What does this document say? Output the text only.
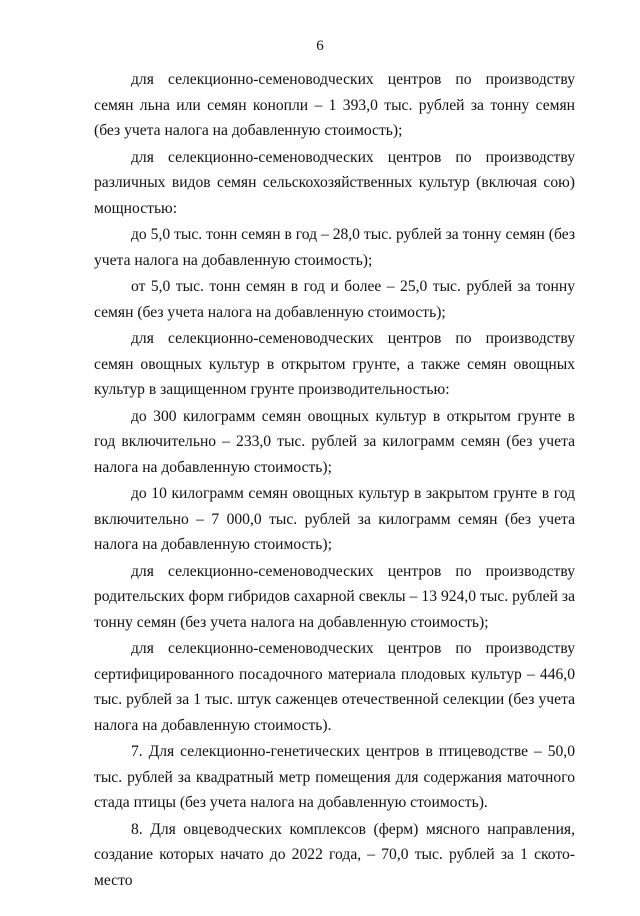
6

для селекционно-семеноводческих центров по производству семян льна или семян конопли – 1 393,0 тыс. рублей за тонну семян (без учета налога на добавленную стоимость);

для селекционно-семеноводческих центров по производству различных видов семян сельскохозяйственных культур (включая сою) мощностью:

до 5,0 тыс. тонн семян в год – 28,0 тыс. рублей за тонну семян (без учета налога на добавленную стоимость);

от 5,0 тыс. тонн семян в год и более – 25,0 тыс. рублей за тонну семян (без учета налога на добавленную стоимость);

для селекционно-семеноводческих центров по производству семян овощных культур в открытом грунте, а также семян овощных культур в защищенном грунте производительностью:

до 300 килограмм семян овощных культур в открытом грунте в год включительно – 233,0 тыс. рублей за килограмм семян (без учета налога на добавленную стоимость);

до 10 килограмм семян овощных культур в закрытом грунте в год включительно – 7 000,0 тыс. рублей за килограмм семян (без учета налога на добавленную стоимость);

для селекционно-семеноводческих центров по производству родительских форм гибридов сахарной свеклы – 13 924,0 тыс. рублей за тонну семян (без учета налога на добавленную стоимость);

для селекционно-семеноводческих центров по производству сертифицированного посадочного материала плодовых культур – 446,0 тыс. рублей за 1 тыс. штук саженцев отечественной селекции (без учета налога на добавленную стоимость).

7. Для селекционно-генетических центров в птицеводстве – 50,0 тыс. рублей за квадратный метр помещения для содержания маточного стада птицы (без учета налога на добавленную стоимость).

8. Для овцеводческих комплексов (ферм) мясного направления, создание которых начато до 2022 года, – 70,0 тыс. рублей за 1 ското-место
